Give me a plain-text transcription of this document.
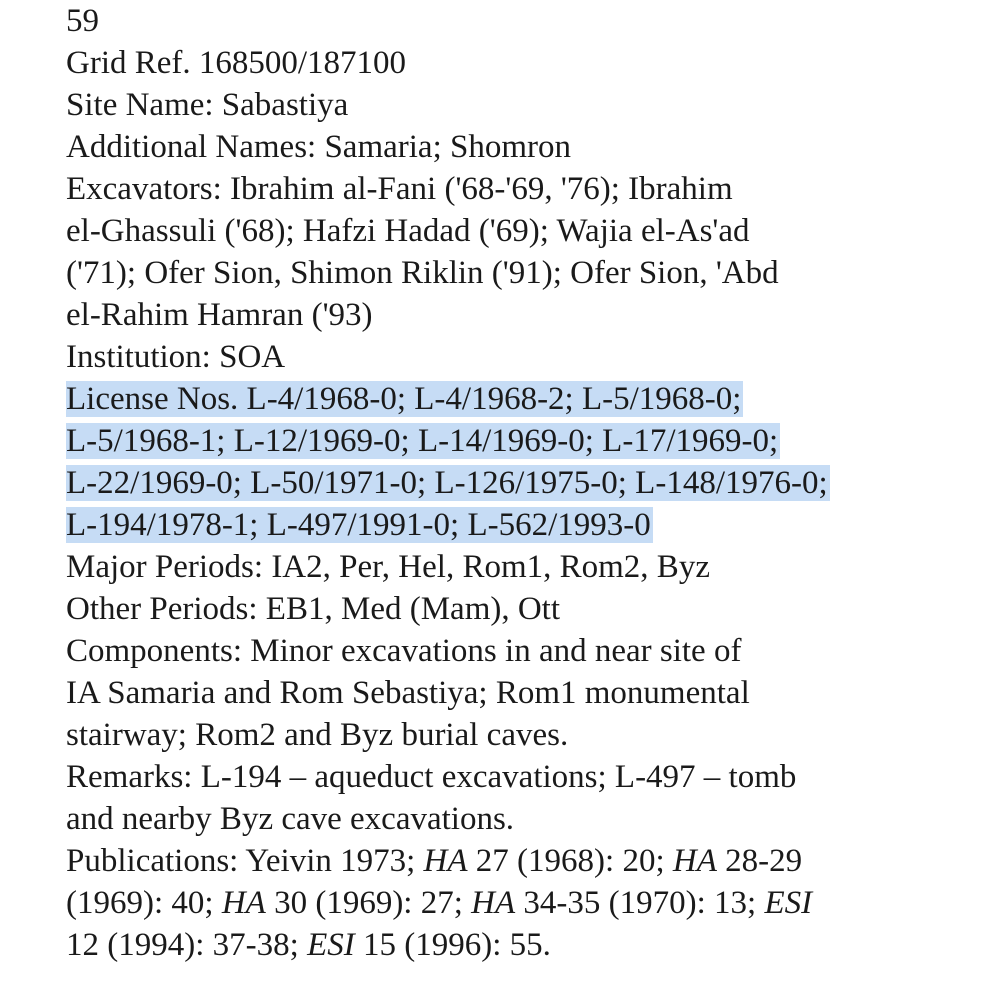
59
Grid Ref. 168500/187100
Site Name: Sabastiya
Additional Names: Samaria; Shomron
Excavators: Ibrahim al-Fani ('68-'69, '76); Ibrahim
el-Ghassuli ('68); Hafzi Hadad ('69); Wajia el-As'ad
('71); Ofer Sion, Shimon Riklin ('91); Ofer Sion, 'Abd
el-Rahim Hamran ('93)
Institution: SOA
License Nos. L-4/1968-0; L-4/1968-2; L-5/1968-0;
L-5/1968-1; L-12/1969-0; L-14/1969-0; L-17/1969-0;
L-22/1969-0; L-50/1971-0; L-126/1975-0; L-148/1976-0;
L-194/1978-1; L-497/1991-0; L-562/1993-0
Major Periods: IA2, Per, Hel, Rom1, Rom2, Byz
Other Periods: EB1, Med (Mam), Ott
Components: Minor excavations in and near site of
IA Samaria and Rom Sebastiya; Rom1 monumental
stairway; Rom2 and Byz burial caves.
Remarks: L-194 – aqueduct excavations; L-497 – tomb
and nearby Byz cave excavations.
Publications: Yeivin 1973; HA 27 (1968): 20; HA 28-29
(1969): 40; HA 30 (1969): 27; HA 34-35 (1970): 13; ESI
12 (1994): 37-38; ESI 15 (1996): 55.
